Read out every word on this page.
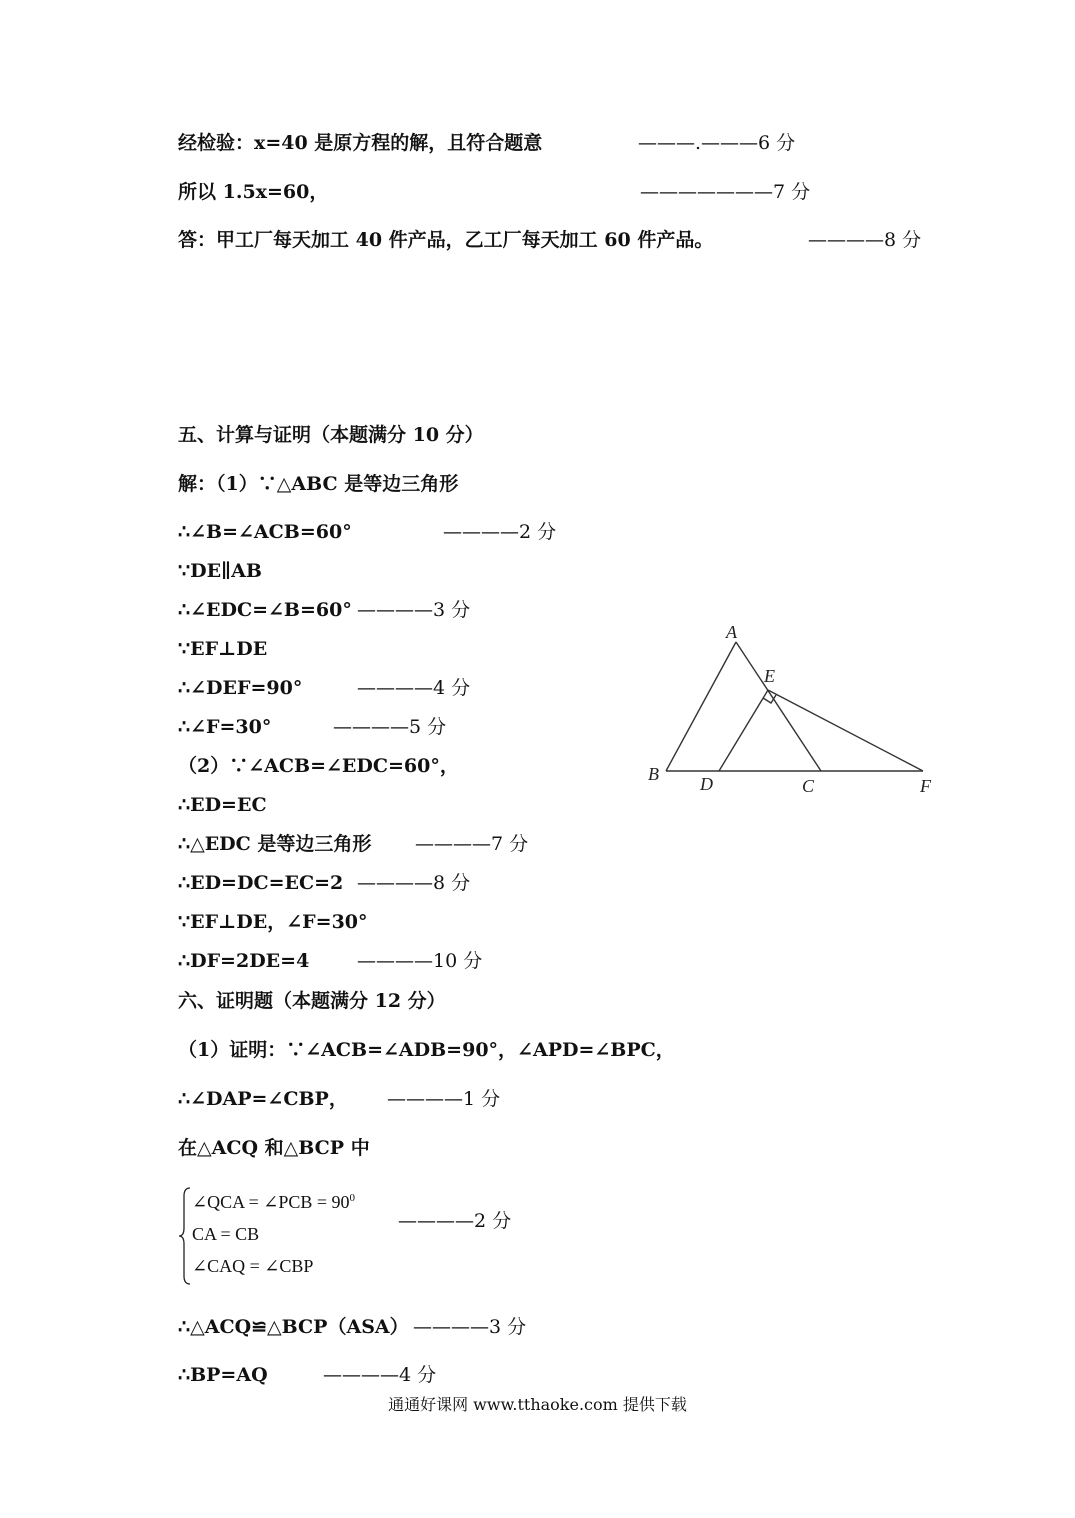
经检验：x=40 是原方程的解，且符合题意	———.———6 分
所以 1.5x=60，	———————7 分
答：甲工厂每天加工 40 件产品，乙工厂每天加工 60 件产品。	————8 分
五、计算与证明（本题满分 10 分）
解：（1）∵△ABC 是等边三角形
∴∠B=∠ACB=60°	————2 分
∵DE∥AB
∴∠EDC=∠B=60° ————3 分
∵EF⊥DE
∴∠DEF=90°	————4 分
∴∠F=30°	————5 分
（2）∵∠ACB=∠EDC=60°，
∴ED=EC
∴△EDC 是等边三角形 ————7 分
∴ED=DC=EC=2 ————8 分
∵EF⊥DE，∠F=30°
∴DF=2DE=4	————10 分
六、证明题（本题满分 12 分）
（1）证明：∵∠ACB=∠ADB=90°，∠APD=∠BPC，
∴∠DAP=∠CBP， ————1 分
在△ACQ 和△BCP 中
∠QCA = ∠PCB = $90^0$
CA = CB
∠CAQ = ∠CBP
————2 分
∴△ACQ≌△BCP（ASA） ————3 分
∴BP=AQ	————4 分
A
E
B D	C	F
通通好课网 www.tthaoke.com 提供下载
